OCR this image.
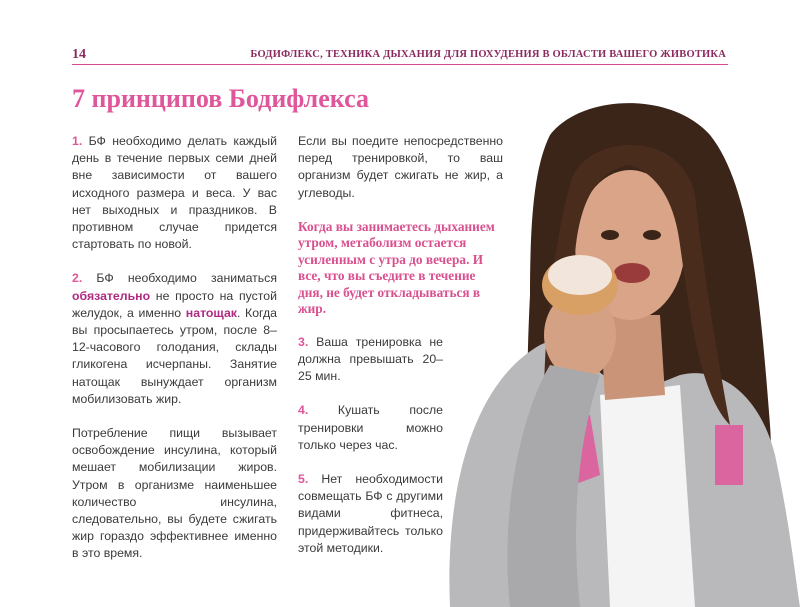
14	БОДИФЛЕКС, ТЕХНИКА ДЫХАНИЯ ДЛЯ ПОХУДЕНИЯ В ОБЛАСТИ ВАШЕГО ЖИВОТИКА
7 принципов Бодифлекса

1. БФ необходимо делать каждый день в течение первых семи дней вне зависимости от вашего исходного размера и веса. У вас нет выходных и праздников. В противном случае придется стартовать по новой.

2. БФ необходимо заниматься обязательно не просто на пустой желудок, а именно натощак. Когда вы просыпаетесь утром, после 8–12-часового голодания, склады гликогена исчерпаны. Занятие натощак вынуждает организм мобилизовать жир.

Потребление пищи вызывает освобождение инсулина, который мешает мобилизации жиров. Утром в организме наименьшее количество инсулина, следовательно, вы будете сжигать жир гораздо эффективнее именно в это время.

Если вы поедите непосредственно перед тренировкой, то ваш организм будет сжигать не жир, а углеводы.

Когда вы занимаетесь дыханием утром, метаболизм остается усиленным с утра до вечера. И все, что вы съедите в течение дня, не будет откладываться в жир.

3. Ваша тренировка не должна превышать 20–25 мин.

4. Кушать после тренировки можно только через час.

5. Нет необходимости совмещать БФ с другими видами фитнеса, придерживайтесь только этой методики.
